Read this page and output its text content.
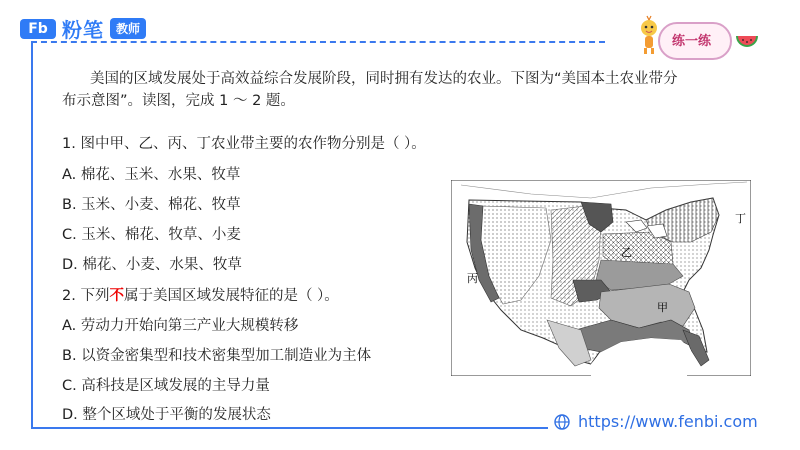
Fb 粉笔	教师
练一练

美国的区域发展处于高效益综合发展阶段，同时拥有发达的农业。下图为“美国本土农业带分

布示意图”。读图，完成 1 ～ 2 题。

1. 图中甲、乙、丙、丁农业带主要的农作物分别是（ ）。
A. 棉花、玉米、水果、牧草
B. 玉米、小麦、棉花、牧草
C. 玉米、棉花、牧草、小麦
D. 棉花、小麦、水果、牧草
2. 下列不属于美国区域发展特征的是（ ）。
A. 劳动力开始向第三产业大规模转移
B. 以资金密集型和技术密集型加工制造业为主体
C. 高科技是区域发展的主导力量
D. 整个区域处于平衡的发展状态
乙
丙
甲
丁
https://www.fenbi.com
